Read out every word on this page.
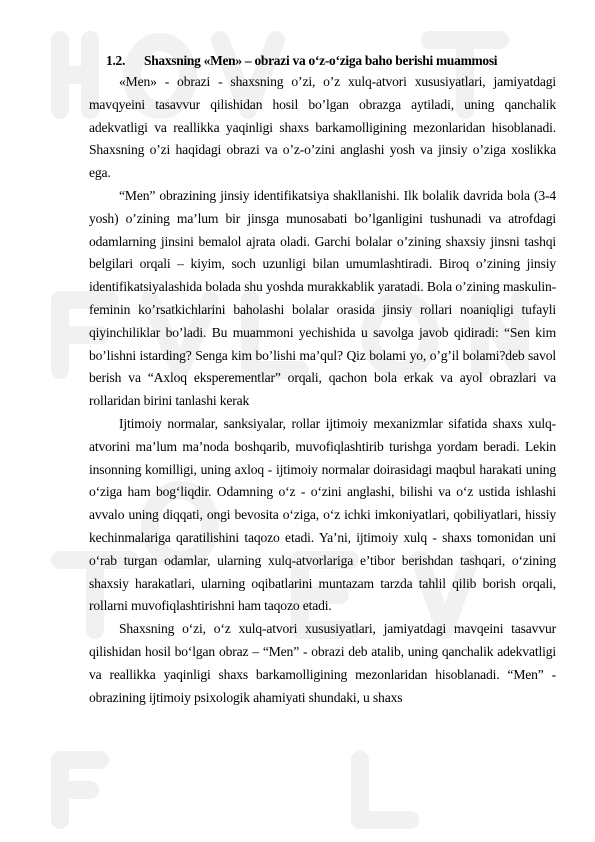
1.2. Shaxsning «Men» – obrazi va o‘z-o‘ziga baho berishi muammosi

«Men» - obrazi - shaxsning o’zi, o’z xulq-atvori xususiyatlari, jamiyatdagi mavqyeini tasavvur qilishidan hosil bo’lgan obrazga aytiladi, uning qanchalik adekvatligi va reallikka yaqinligi shaxs barkamolligining mezonlaridan hisoblanadi. Shaxsning o’zi haqidagi obrazi va o’z-o’zini anglashi yosh va jinsiy o’ziga xoslikka ega.

“Men” obrazining jinsiy identifikatsiya shakllanishi. Ilk bolalik davrida bola (3-4 yosh) o’zining ma’lum bir jinsga munosabati bo’lganligini tushunadi va atrofdagi odamlarning jinsini bemalol ajrata oladi. Garchi bolalar o’zining shaxsiy jinsni tashqi belgilari orqali – kiyim, soch uzunligi bilan umumlashtiradi. Biroq o’zining jinsiy identifikatsiyalashida bolada shu yoshda murakkablik yaratadi. Bola o’zining maskulin-feminin ko’rsatkichlarini baholashi bolalar orasida jinsiy rollari noaniqligi tufayli qiyinchiliklar bo’ladi. Bu muammoni yechishida u savolga javob qidiradi: “Sen kim bo’lishni istarding? Senga kim bo’lishi ma’qul? Qiz bolami yo, o’g’il bolami?deb savol berish va “Axloq eksperementlar” orqali, qachon bola erkak va ayol obrazlari va rollaridan birini tanlashi kerak

Ijtimoiy normalar, sanksiyalar, rollar ijtimoiy mexanizmlar sifatida shaxs xulq-atvorini ma’lum ma’noda boshqarib, muvofiqlashtirib turishga yordam beradi. Lekin insonning komilligi, uning axloq - ijtimoiy normalar doirasidagi maqbul harakati uning o‘ziga ham bog‘liqdir. Odamning o‘z - o‘zini anglashi, bilishi va o‘z ustida ishlashi avvalo uning diqqati, ongi bevosita o‘ziga, o‘z ichki imkoniyatlari, qobiliyatlari, hissiy kechinmalariga qaratilishini taqozo etadi. Ya’ni, ijtimoiy xulq - shaxs tomonidan uni o‘rab turgan odamlar, ularning xulq-atvorlariga e’tibor berishdan tashqari, o‘zining shaxsiy harakatlari, ularning oqibatlarini muntazam tarzda tahlil qilib borish orqali, rollarni muvofiqlashtirishni ham taqozo etadi.

Shaxsning o‘zi, o‘z xulq-atvori xususiyatlari, jamiyatdagi mavqeini tasavvur qilishidan hosil bo‘lgan obraz – “Men” - obrazi deb atalib, uning qanchalik adekvatligi va reallikka yaqinligi shaxs barkamolligining mezonlaridan hisoblanadi. “Men” - obrazining ijtimoiy psixologik ahamiyati shundaki, u shaxs
